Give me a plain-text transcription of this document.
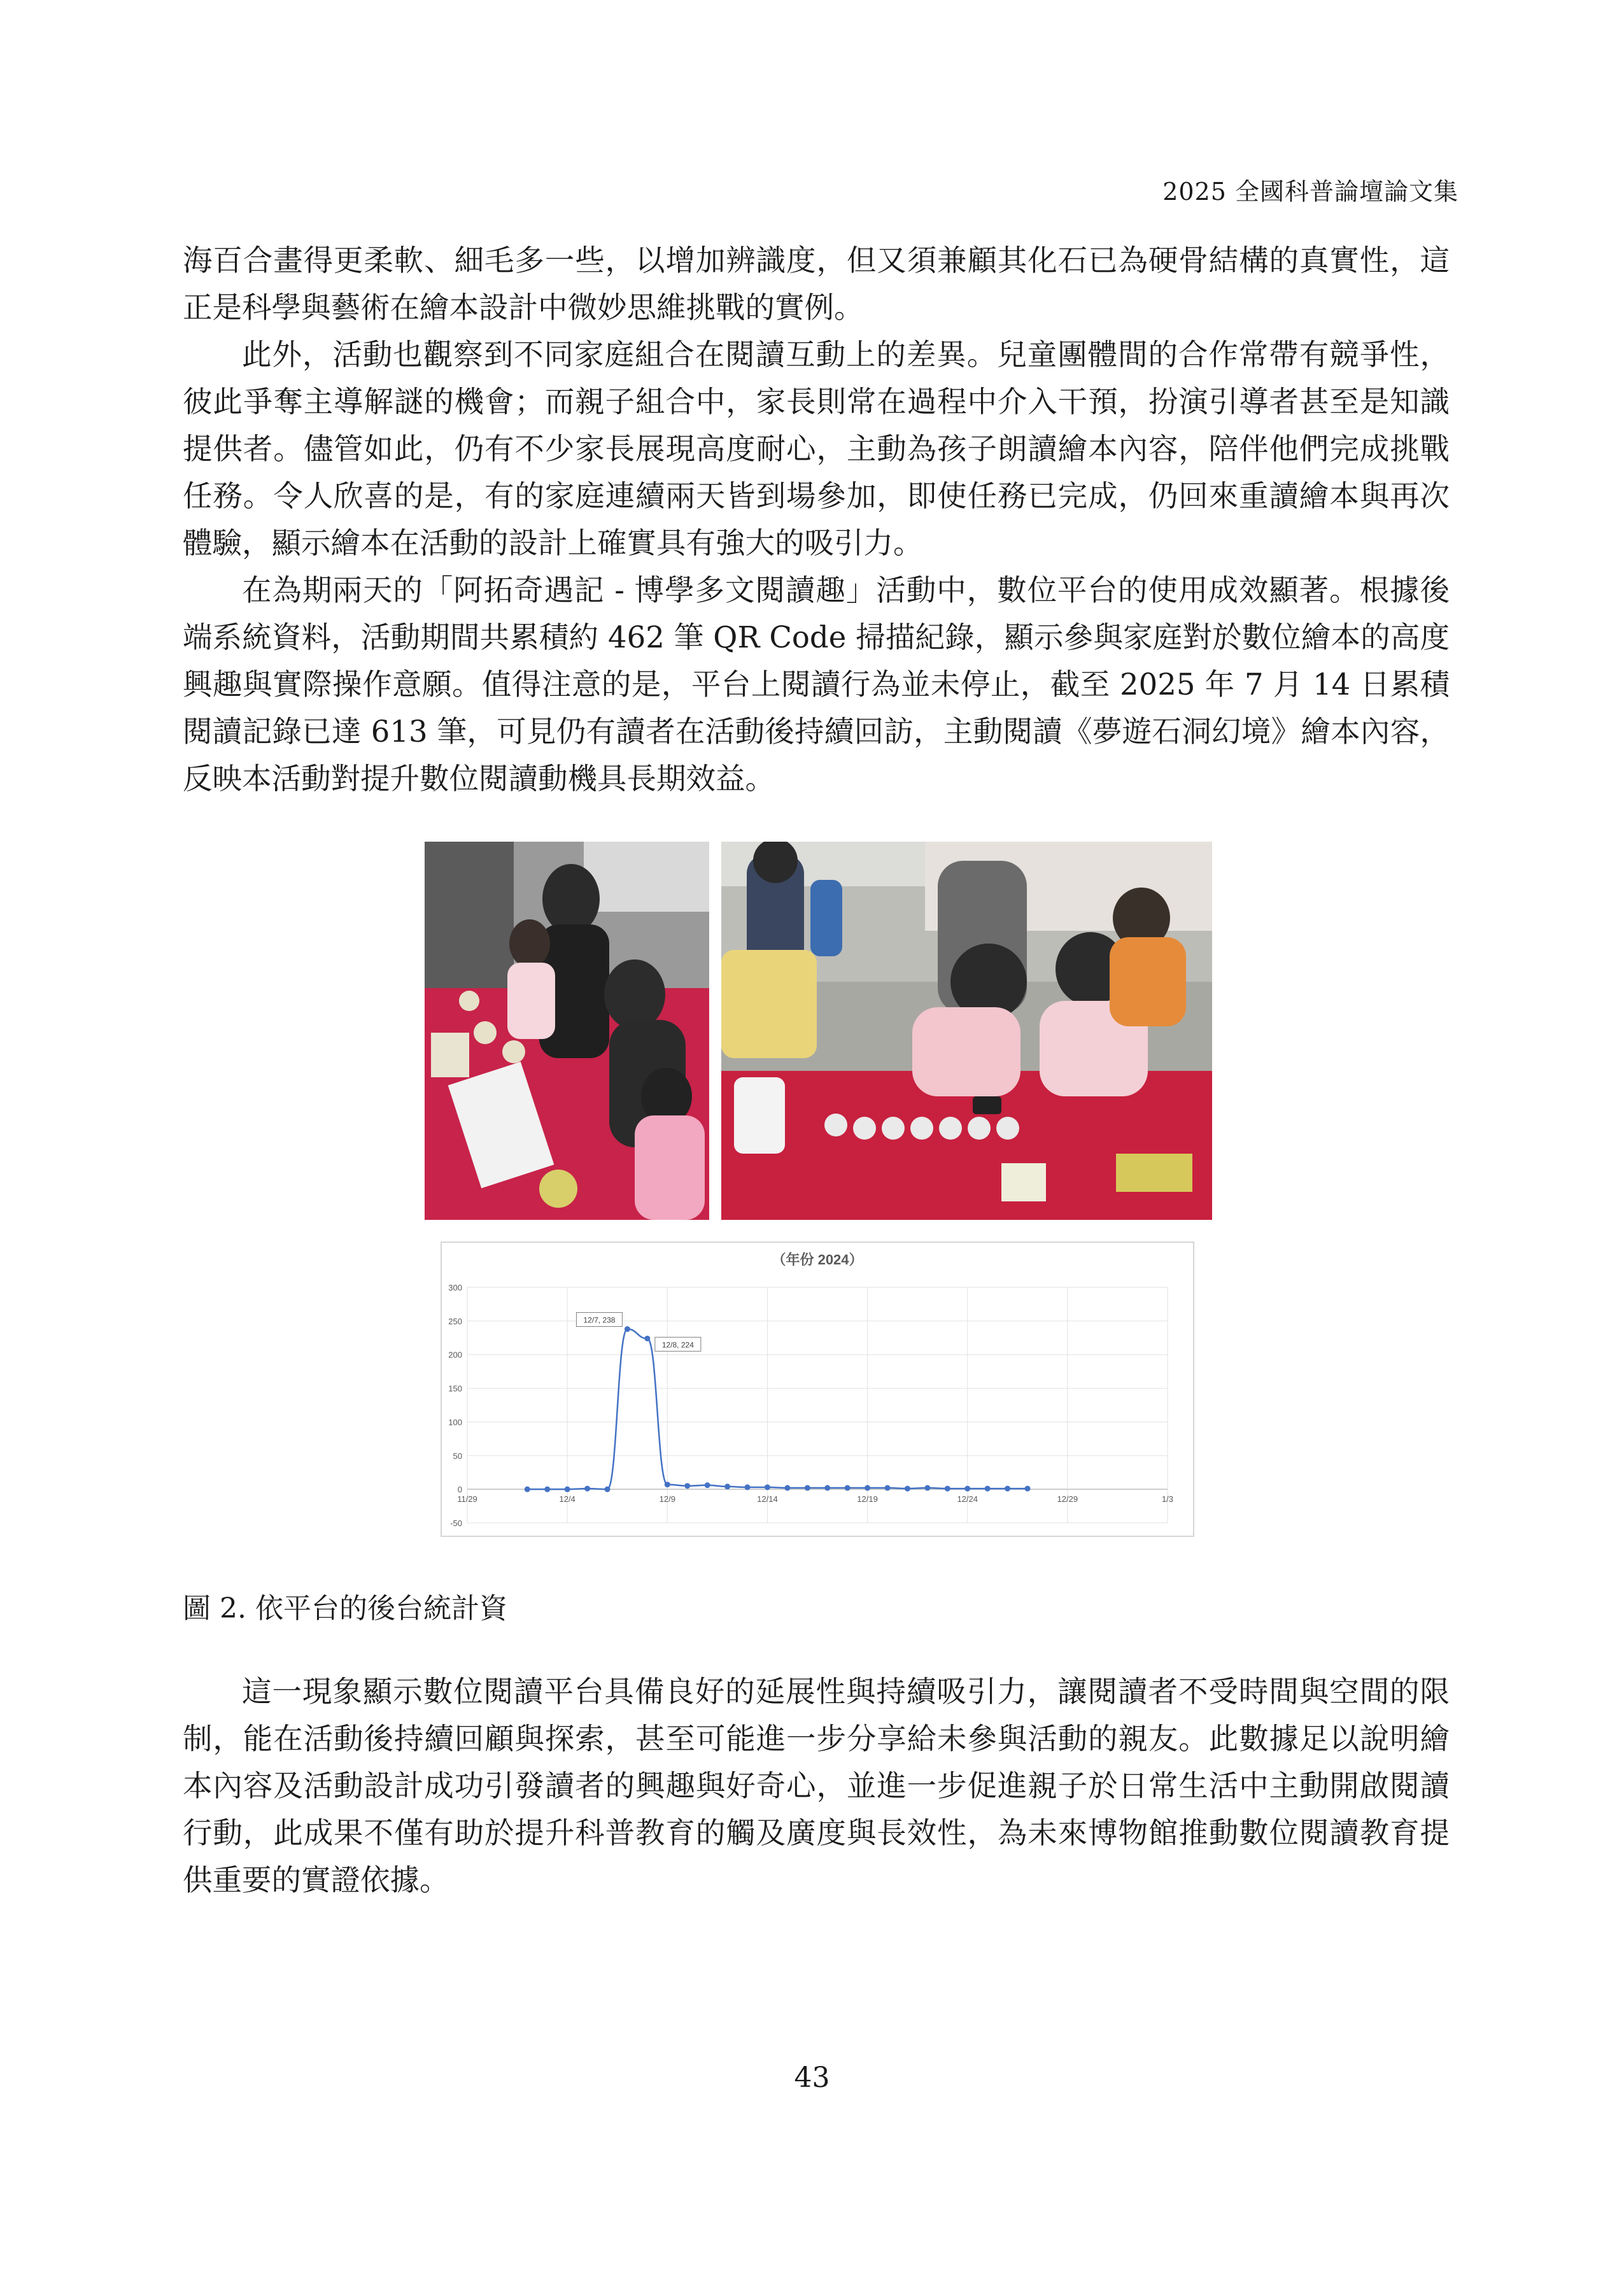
2025 全國科普論壇論文集

海百合畫得更柔軟、細毛多一些，以增加辨識度，但又須兼顧其化石已為硬骨結構的真實性，這正是科學與藝術在繪本設計中微妙思維挑戰的實例。

此外，活動也觀察到不同家庭組合在閱讀互動上的差異。兒童團體間的合作常帶有競爭性，彼此爭奪主導解謎的機會；而親子組合中，家長則常在過程中介入干預，扮演引導者甚至是知識提供者。儘管如此，仍有不少家長展現高度耐心，主動為孩子朗讀繪本內容，陪伴他們完成挑戰任務。令人欣喜的是，有的家庭連續兩天皆到場參加，即使任務已完成，仍回來重讀繪本與再次體驗，顯示繪本在活動的設計上確實具有強大的吸引力。

在為期兩天的「阿拓奇遇記 - 博學多文閱讀趣」活動中，數位平台的使用成效顯著。根據後端系統資料，活動期間共累積約 462 筆 QR Code 掃描紀錄，顯示參與家庭對於數位繪本的高度興趣與實際操作意願。值得注意的是，平台上閱讀行為並未停止，截至 2025 年 7 月 14 日累積閱讀記錄已達 613 筆，可見仍有讀者在活動後持續回訪，主動閱讀《夢遊石洞幻境》繪本內容，反映本活動對提升數位閱讀動機具長期效益。

（年份 2024）
300
250
200
150
100
50
0
-50
11/29	12/4	12/9	12/14	12/19	12/24	12/29	1/3
12/7, 238
12/8, 224
圖 2. 依平台的後台統計資

這一現象顯示數位閱讀平台具備良好的延展性與持續吸引力，讓閱讀者不受時間與空間的限制，能在活動後持續回顧與探索，甚至可能進一步分享給未參與活動的親友。此數據足以說明繪本內容及活動設計成功引發讀者的興趣與好奇心，並進一步促進親子於日常生活中主動開啟閱讀行動，此成果不僅有助於提升科普教育的觸及廣度與長效性，為未來博物館推動數位閱讀教育提供重要的實證依據。

43
